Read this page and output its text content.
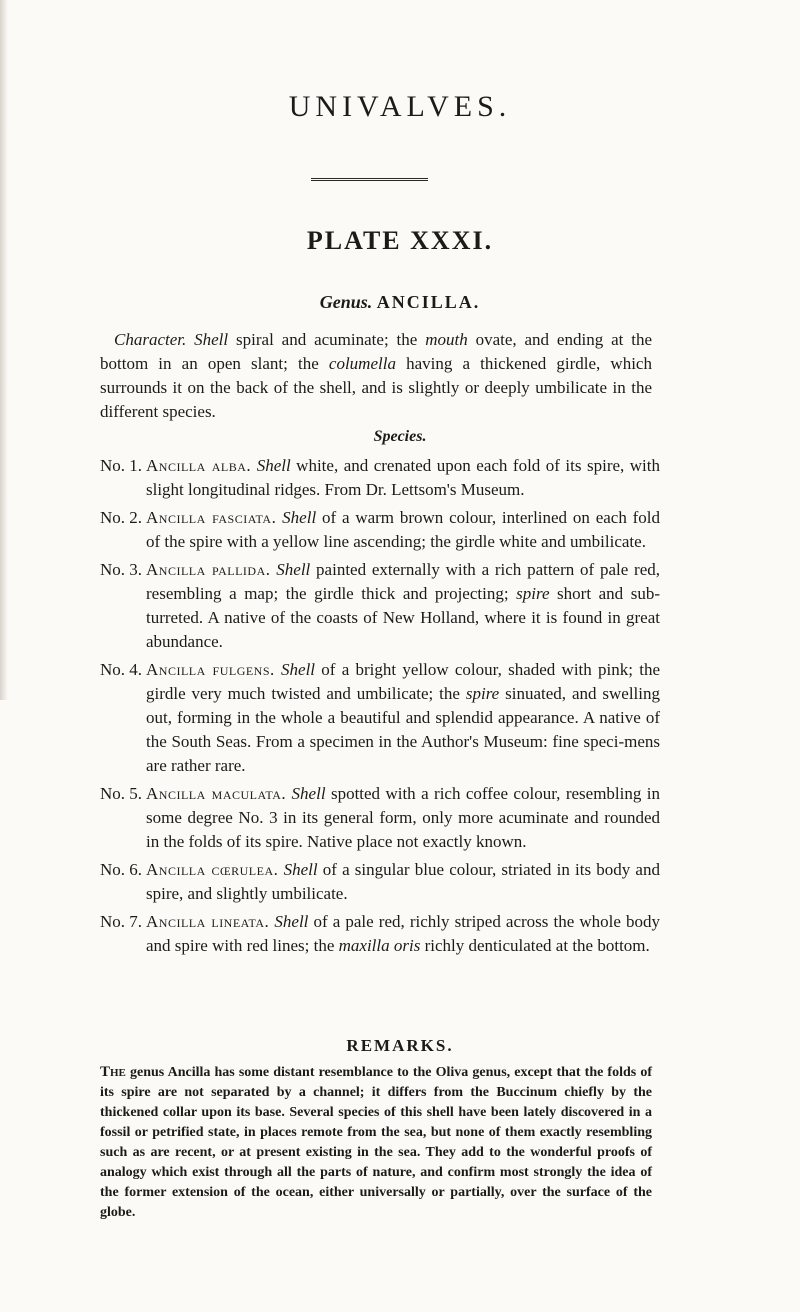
UNIVALVES.
PLATE XXXI.
Genus. ANCILLA.
Character. Shell spiral and acuminate; the mouth ovate, and ending at the bottom in an open slant; the columella having a thickened girdle, which surrounds it on the back of the shell, and is slightly or deeply umbilicate in the different species.
Species.
No. 1. Ancilla alba. Shell white, and crenated upon each fold of its spire, with slight longitudinal ridges. From Dr. Lettsom's Museum.
No. 2. Ancilla fasciata. Shell of a warm brown colour, interlined on each fold of the spire with a yellow line ascending; the girdle white and umbilicate.
No. 3. Ancilla pallida. Shell painted externally with a rich pattern of pale red, resembling a map; the girdle thick and projecting; spire short and sub-turreted. A native of the coasts of New Holland, where it is found in great abundance.
No. 4. Ancilla fulgens. Shell of a bright yellow colour, shaded with pink; the girdle very much twisted and umbilicate; the spire sinuated, and swelling out, forming in the whole a beautiful and splendid appearance. A native of the South Seas. From a specimen in the Author's Museum: fine speci-mens are rather rare.
No. 5. Ancilla maculata. Shell spotted with a rich coffee colour, resembling in some degree No. 3 in its general form, only more acuminate and rounded in the folds of its spire. Native place not exactly known.
No. 6. Ancilla cœrulea. Shell of a singular blue colour, striated in its body and spire, and slightly umbilicate.
No. 7. Ancilla lineata. Shell of a pale red, richly striped across the whole body and spire with red lines; the maxilla oris richly denticulated at the bottom.
REMARKS.
The genus Ancilla has some distant resemblance to the Oliva genus, except that the folds of its spire are not separated by a channel; it differs from the Buccinum chiefly by the thickened collar upon its base. Several species of this shell have been lately discovered in a fossil or petrified state, in places remote from the sea, but none of them exactly resembling such as are recent, or at present existing in the sea. They add to the wonderful proofs of analogy which exist through all the parts of nature, and confirm most strongly the idea of the former extension of the ocean, either universally or partially, over the surface of the globe.
